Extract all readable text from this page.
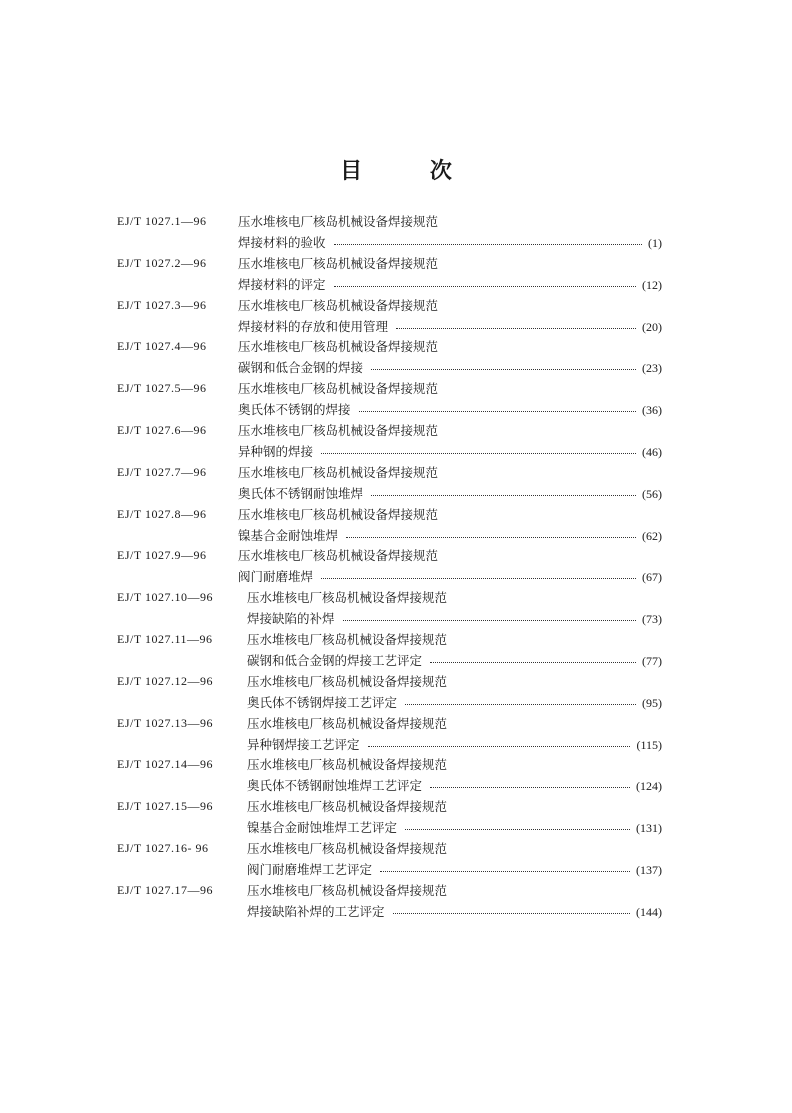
目 次
EJ/T 1027.1—96	压水堆核电厂核岛机械设备焊接规范
焊接材料的验收	(1)
EJ/T 1027.2—96	压水堆核电厂核岛机械设备焊接规范
焊接材料的评定	(12)
EJ/T 1027.3—96	压水堆核电厂核岛机械设备焊接规范
焊接材料的存放和使用管理	(20)
EJ/T 1027.4—96	压水堆核电厂核岛机械设备焊接规范
碳钢和低合金钢的焊接	(23)
EJ/T 1027.5—96	压水堆核电厂核岛机械设备焊接规范
奥氏体不锈钢的焊接	(36)
EJ/T 1027.6—96	压水堆核电厂核岛机械设备焊接规范
异种钢的焊接	(46)
EJ/T 1027.7—96	压水堆核电厂核岛机械设备焊接规范
奥氏体不锈钢耐蚀堆焊	(56)
EJ/T 1027.8—96	压水堆核电厂核岛机械设备焊接规范
镍基合金耐蚀堆焊	(62)
EJ/T 1027.9—96	压水堆核电厂核岛机械设备焊接规范
阀门耐磨堆焊	(67)
EJ/T 1027.10—96	压水堆核电厂核岛机械设备焊接规范
焊接缺陷的补焊	(73)
EJ/T 1027.11—96	压水堆核电厂核岛机械设备焊接规范
碳钢和低合金钢的焊接工艺评定	(77)
EJ/T 1027.12—96	压水堆核电厂核岛机械设备焊接规范
奥氏体不锈钢焊接工艺评定	(95)
EJ/T 1027.13—96	压水堆核电厂核岛机械设备焊接规范
异种钢焊接工艺评定	(115)
EJ/T 1027.14—96	压水堆核电厂核岛机械设备焊接规范
奥氏体不锈钢耐蚀堆焊工艺评定	(124)
EJ/T 1027.15—96	压水堆核电厂核岛机械设备焊接规范
镍基合金耐蚀堆焊工艺评定	(131)
EJ/T 1027.16- 96	压水堆核电厂核岛机械设备焊接规范
阀门耐磨堆焊工艺评定	(137)
EJ/T 1027.17—96	压水堆核电厂核岛机械设备焊接规范
焊接缺陷补焊的工艺评定	(144)
